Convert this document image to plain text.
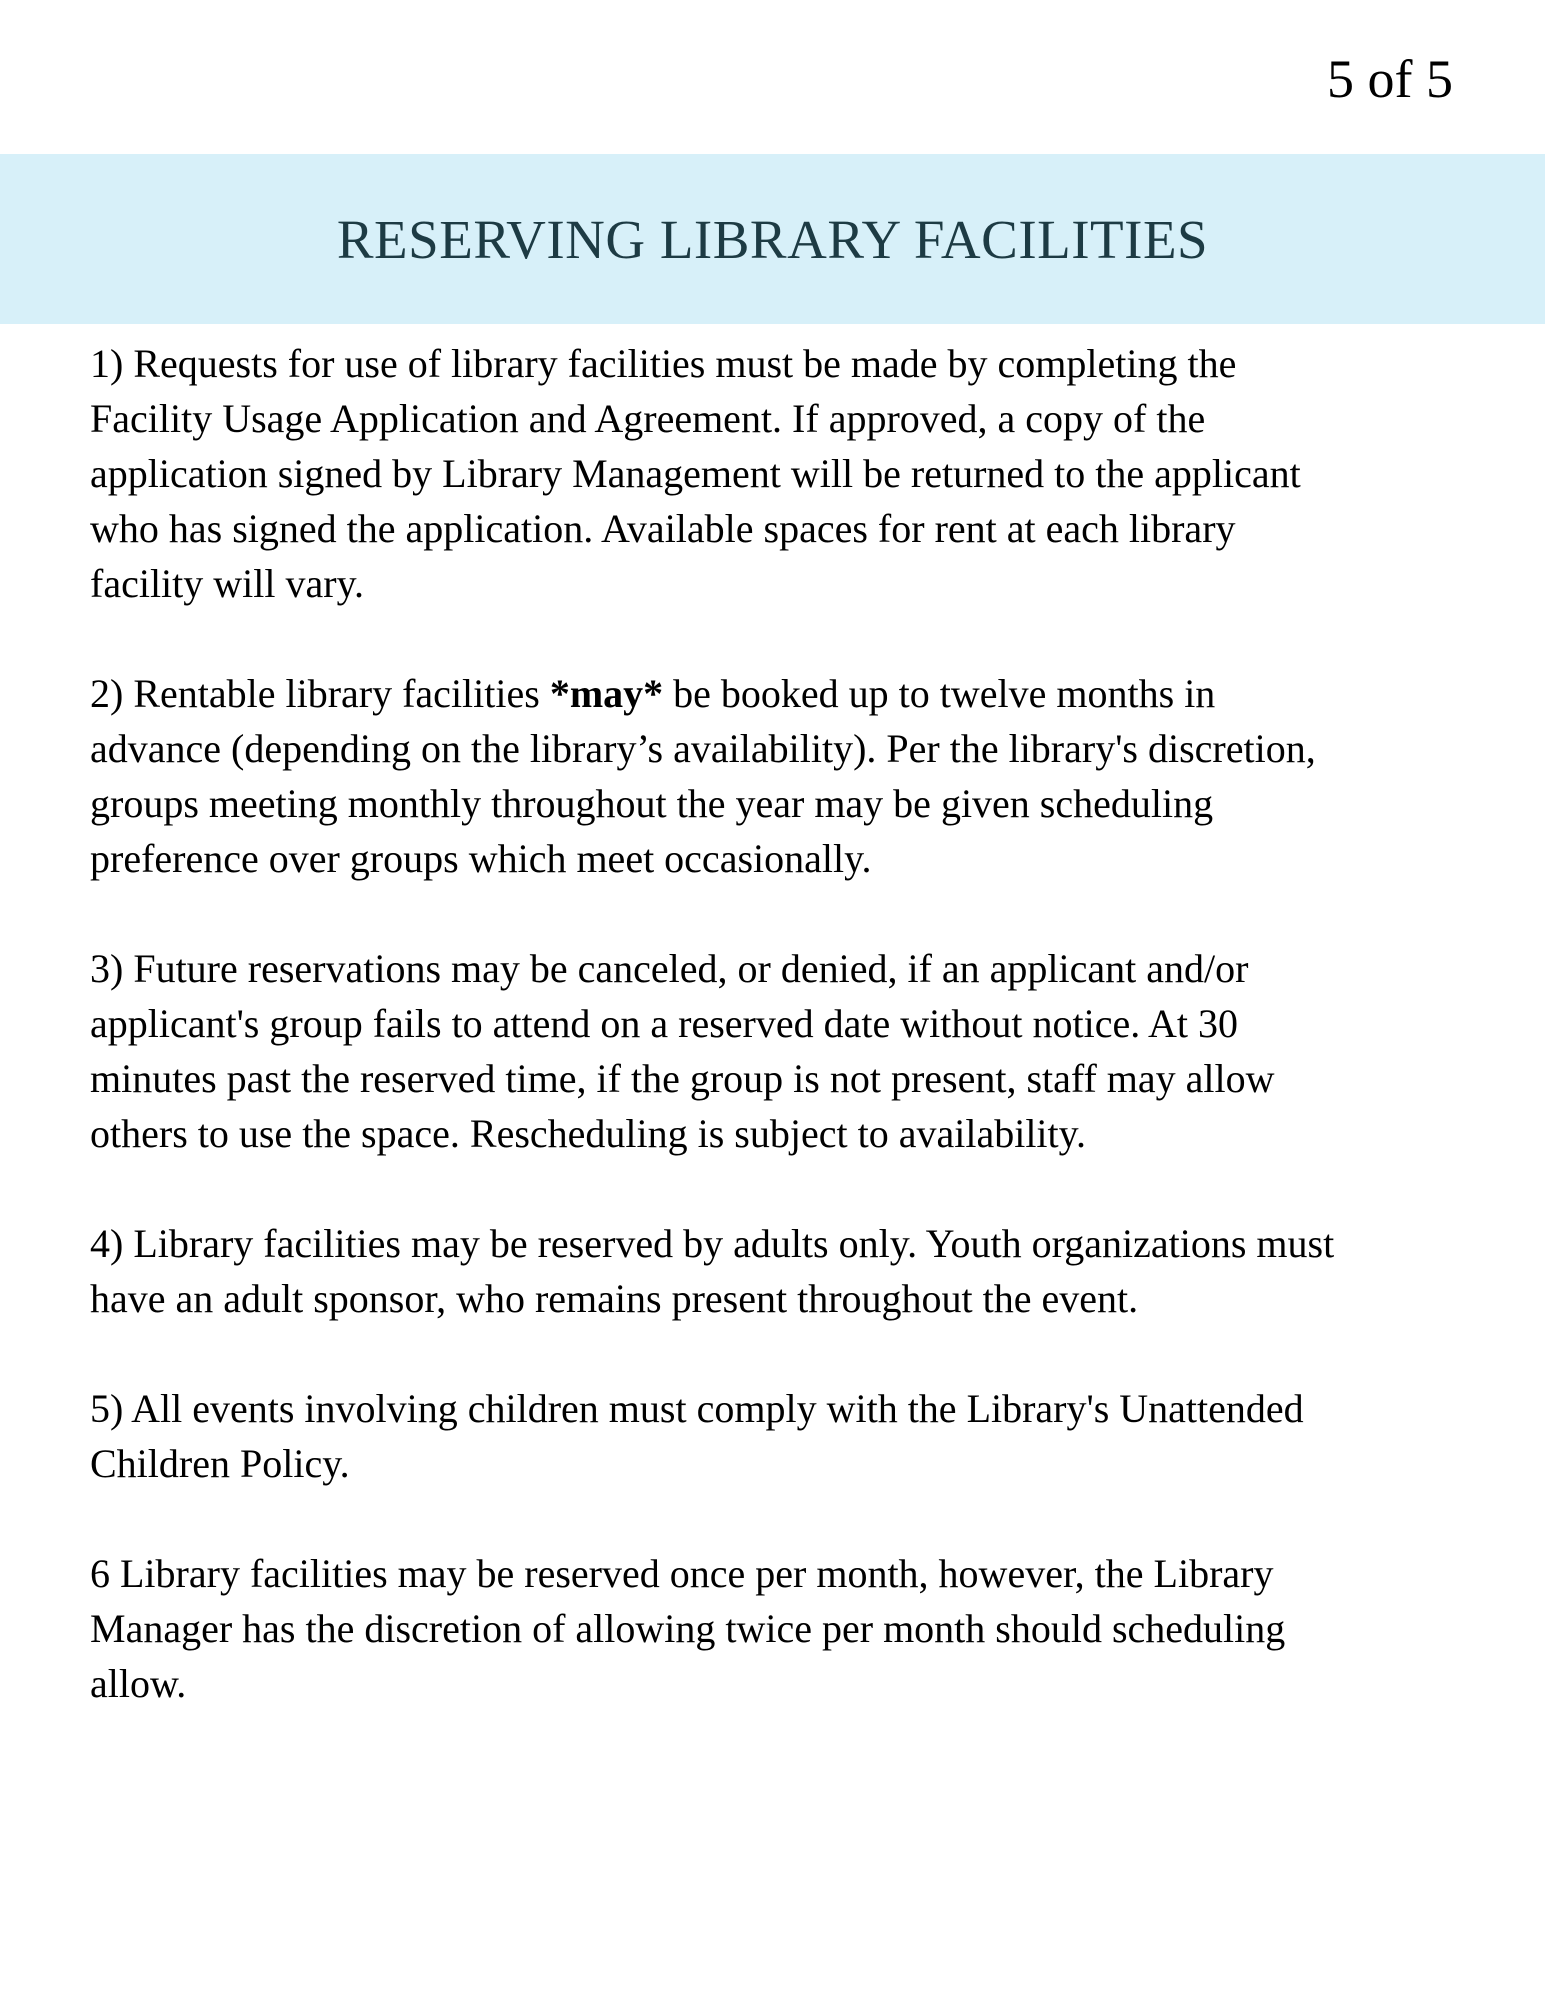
5 of 5
RESERVING LIBRARY FACILITIES
1) Requests for use of library facilities must be made by completing the
Facility Usage Application and Agreement. If approved, a copy of the
application signed by Library Management will be returned to the applicant
who has signed the application. Available spaces for rent at each library
facility will vary.
2) Rentable library facilities *may* be booked up to twelve months in
advance (depending on the library’s availability). Per the library's discretion,
groups meeting monthly throughout the year may be given scheduling
preference over groups which meet occasionally.
3) Future reservations may be canceled, or denied, if an applicant and/or
applicant's group fails to attend on a reserved date without notice. At 30
minutes past the reserved time, if the group is not present, staff may allow
others to use the space. Rescheduling is subject to availability.
4) Library facilities may be reserved by adults only. Youth organizations must
have an adult sponsor, who remains present throughout the event.
5) All events involving children must comply with the Library's Unattended
Children Policy.
6 Library facilities may be reserved once per month, however, the Library
Manager has the discretion of allowing twice per month should scheduling
allow.
